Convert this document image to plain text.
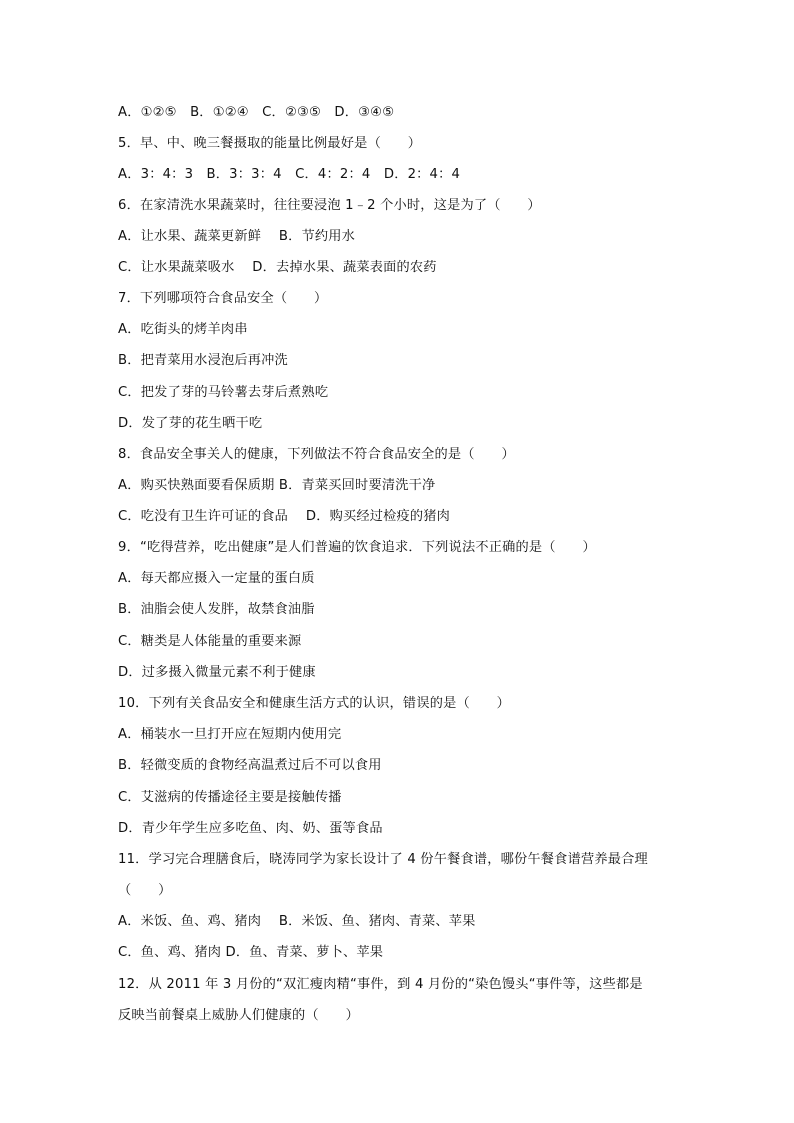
A．①②⑤　B．①②④　C．②③⑤　D．③④⑤
5．早、中、晚三餐摄取的能量比例最好是（　　）
A．3：4：3　B．3：3：4　C．4：2：4　D．2：4：4
6．在家清洗水果蔬菜时，往往要浸泡 1﹣2 个小时，这是为了（　　）
A．让水果、蔬菜更新鲜　 B．节约用水
C．让水果蔬菜吸水　 D．去掉水果、蔬菜表面的农药
7．下列哪项符合食品安全（　　）
A．吃街头的烤羊肉串
B．把青菜用水浸泡后再冲洗
C．把发了芽的马铃薯去芽后煮熟吃
D．发了芽的花生晒干吃
8．食品安全事关人的健康，下列做法不符合食品安全的是（　　）
A．购买快熟面要看保质期 B．青菜买回时要清洗干净
C．吃没有卫生许可证的食品　 D．购买经过检疫的猪肉
9．“吃得营养，吃出健康”是人们普遍的饮食追求．下列说法不正确的是（　　）
A．每天都应摄入一定量的蛋白质
B．油脂会使人发胖，故禁食油脂
C．糖类是人体能量的重要来源
D．过多摄入微量元素不利于健康
10．下列有关食品安全和健康生活方式的认识，错误的是（　　）
A．桶装水一旦打开应在短期内使用完
B．轻微变质的食物经高温煮过后不可以食用
C．艾滋病的传播途径主要是接触传播
D．青少年学生应多吃鱼、肉、奶、蛋等食品
11．学习完合理膳食后，晓涛同学为家长设计了 4 份午餐食谱，哪份午餐食谱营养最合理
（　　）
A．米饭、鱼、鸡、猪肉　 B．米饭、鱼、猪肉、青菜、苹果
C．鱼、鸡、猪肉 D．鱼、青菜、萝卜、苹果
12．从 2011 年 3 月份的“双汇瘦肉精“事件，到 4 月份的“染色馒头“事件等，这些都是
反映当前餐桌上威胁人们健康的（　　）
